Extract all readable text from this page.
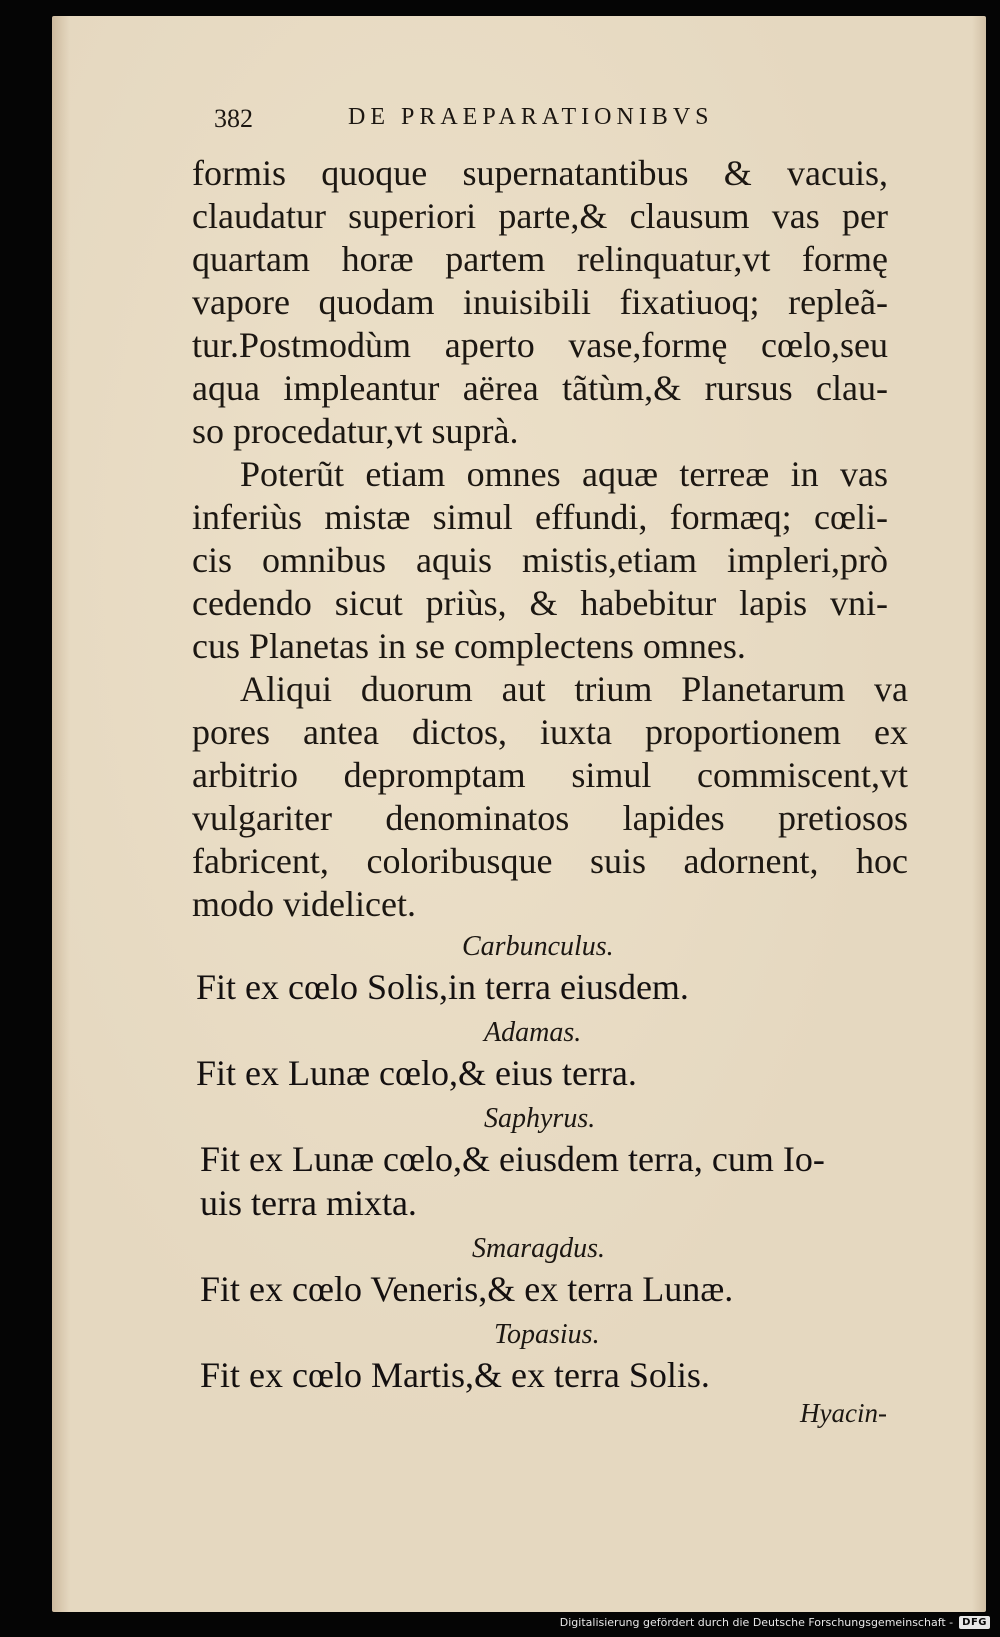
382	DE PRAEPARATIONIBVS
formis quoque supernatantibus & vacuis,
claudatur superiori parte,& clausum vas per
quartam horæ partem relinquatur,vt formę
vapore quodam inuisibili fixatiuoq; repleã-
tur.Postmodùm aperto vase,formę cœlo,seu
aqua impleantur aërea tãtùm,& rursus clau-
so procedatur,vt suprà.
Poterũt etiam omnes aquæ terreæ in vas
inferiùs mistæ simul effundi, formæq; cœli-
cis omnibus aquis mistis,etiam impleri,prò
cedendo sicut priùs, & habebitur lapis vni-
cus Planetas in se complectens omnes.
Aliqui duorum aut trium Planetarum va
pores antea dictos, iuxta proportionem ex
arbitrio depromptam simul commiscent,vt
vulgariter denominatos lapides pretiosos
fabricent, coloribusque suis adornent, hoc
modo videlicet.
Carbunculus.
Fit ex cœlo Solis,in terra eiusdem.
Adamas.
Fit ex Lunæ cœlo,& eius terra.
Saphyrus.
Fit ex Lunæ cœlo,& eiusdem terra, cum Io-
uis terra mixta.
Smaragdus.
Fit ex cœlo Veneris,& ex terra Lunæ.
Topasius.
Fit ex cœlo Martis,& ex terra Solis.
Hyacin-
Digitalisierung gefördert durch die Deutsche Forschungsgemeinschaft - DFG
